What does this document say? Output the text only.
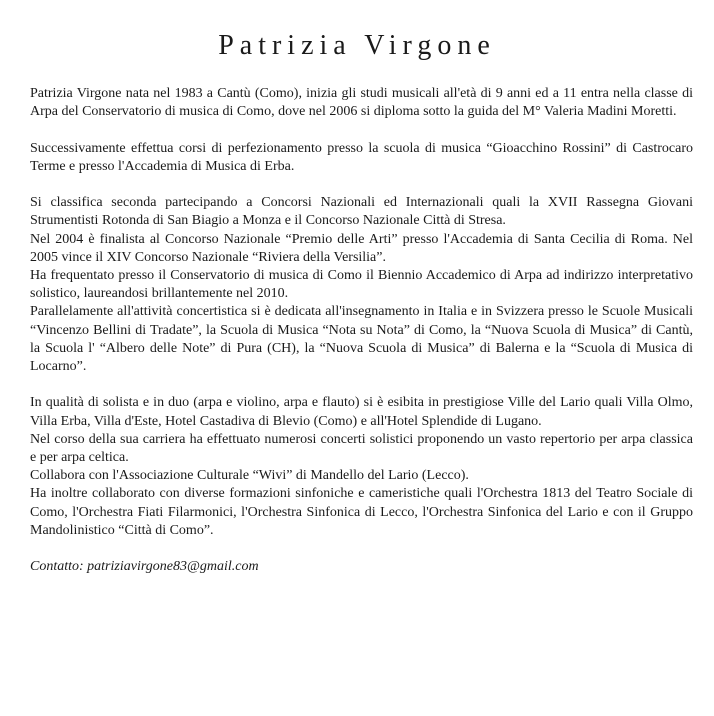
Patrizia Virgone

Patrizia Virgone nata nel 1983 a Cantù (Como), inizia gli studi musicali all'età di 9 anni ed a 11 entra nella classe di Arpa del Conservatorio di musica di Como, dove nel 2006 si diploma sotto la guida del M° Valeria Madini Moretti.

Successivamente effettua corsi di perfezionamento presso la scuola di musica “Gioacchino Rossini” di Castrocaro Terme e presso l'Accademia di Musica di Erba.

Si classifica seconda partecipando a Concorsi Nazionali ed Internazionali quali la XVII Rassegna Giovani Strumentisti Rotonda di San Biagio a Monza e il Concorso Nazionale Città di Stresa.

Nel 2004 è finalista al Concorso Nazionale “Premio delle Arti” presso l'Accademia di Santa Cecilia di Roma. Nel 2005 vince il XIV Concorso Nazionale “Riviera della Versilia”.

Ha frequentato presso il Conservatorio di musica di Como il Biennio Accademico di Arpa ad indirizzo interpretativo solistico, laureandosi brillantemente nel 2010.

Parallelamente all'attività concertistica si è dedicata all'insegnamento in Italia e in Svizzera presso le Scuole Musicali “Vincenzo Bellini di Tradate”, la Scuola di Musica “Nota su Nota” di Como, la “Nuova Scuola di Musica” di Cantù, la Scuola l' “Albero delle Note” di Pura (CH), la “Nuova Scuola di Musica” di Balerna e la “Scuola di Musica di Locarno”.

In qualità di solista e in duo (arpa e violino, arpa e flauto) si è esibita in prestigiose Ville del Lario quali Villa Olmo, Villa Erba, Villa d'Este, Hotel Castadiva di Blevio (Como) e all'Hotel Splendide di Lugano.

Nel corso della sua carriera ha effettuato numerosi concerti solistici proponendo un vasto repertorio per arpa classica e per arpa celtica.

Collabora con l'Associazione Culturale “Wivi” di Mandello del Lario (Lecco).

Ha inoltre collaborato con diverse formazioni sinfoniche e cameristiche quali l'Orchestra 1813 del Teatro Sociale di Como, l'Orchestra Fiati Filarmonici, l'Orchestra Sinfonica di Lecco, l'Orchestra Sinfonica del Lario e con il Gruppo Mandolinistico “Città di Como”.

Contatto: patriziavirgone83@gmail.com
